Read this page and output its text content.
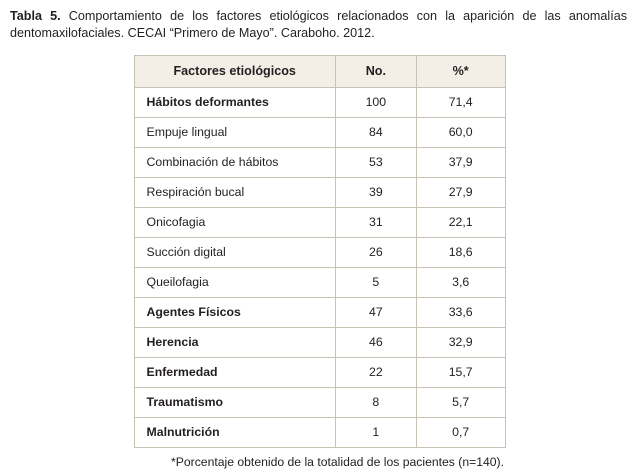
Tabla 5. Comportamiento de los factores etiológicos relacionados con la aparición de las anomalías dentomaxilofaciales. CECAI “Primero de Mayo”. Caraboho. 2012.

Factores etiológicos	No.	%*
Hábitos deformantes	100	71,4
Empuje lingual	84	60,0
Combinación de hábitos	53	37,9
Respiración bucal	39	27,9
Onicofagia	31	22,1
Succión digital	26	18,6
Queilofagia	5	3,6
Agentes Físicos	47	33,6
Herencia	46	32,9
Enfermedad	22	15,7
Traumatismo	8	5,7
Malnutrición	1	0,7
*Porcentaje obtenido de la totalidad de los pacientes (n=140).
